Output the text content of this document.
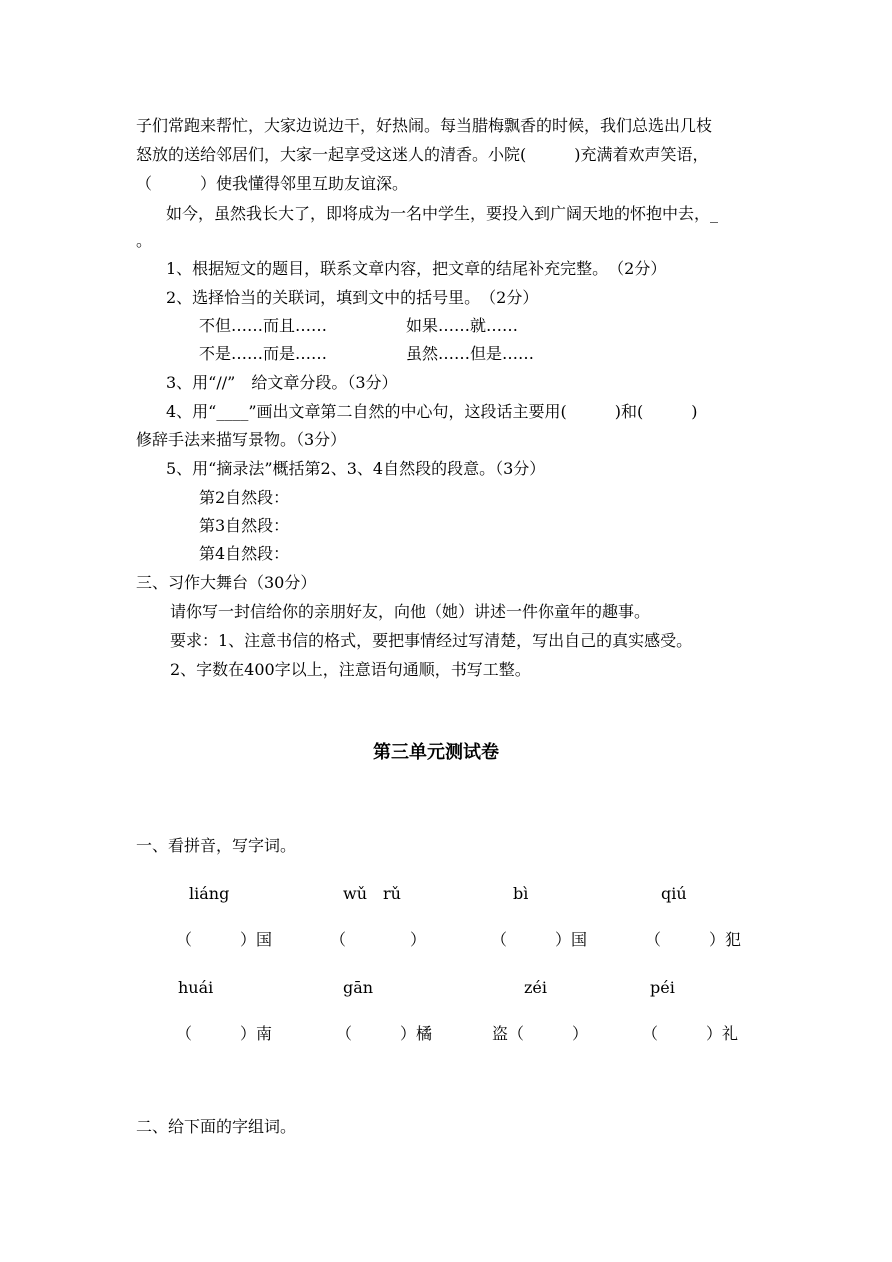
子们常跑来帮忙，大家边说边干，好热闹。每当腊梅飘香的时候，我们总选出几枝
怒放的送给邻居们，大家一起享受这迷人的清香。小院(　　　)充满着欢声笑语，
（　　　）使我懂得邻里互助友谊深。
如今，虽然我长大了，即将成为一名中学生，要投入到广阔天地的怀抱中去，_
。
1、根据短文的题目，联系文章内容，把文章的结尾补充完整。　（2分）
2、选择恰当的关联词，填到文中的括号里。　（2分）
不但……而且……	如果……就……
不是……而是……	虽然……但是……
3、用“//”　给文章分段。（3分）
4、用“____”画出文章第二自然的中心句，这段话主要用(　　　)和(　　　)
修辞手法来描写景物。（3分）
5、用“摘录法”概括第2、3、4自然段的段意。（3分）
第2自然段：
第3自然段：
第4自然段：
三、习作大舞台（30分）
请你写一封信给你的亲朋好友，向他（她）讲述一件你童年的趣事。
要求：1、注意书信的格式，要把事情经过写清楚，写出自己的真实感受。
2、字数在400字以上，注意语句通顺，书写工整。
第三单元测试卷
一、看拼音，写字词。
liáng	wǔ　rǔ	bì	qiú
（　　　）国	（　　　　）	（　　　）国	（　　　）犯
huái	gān	zéi	péi
（　　　）南	（　　　）橘	盗（　　　）	（　　　）礼
二、给下面的字组词。
